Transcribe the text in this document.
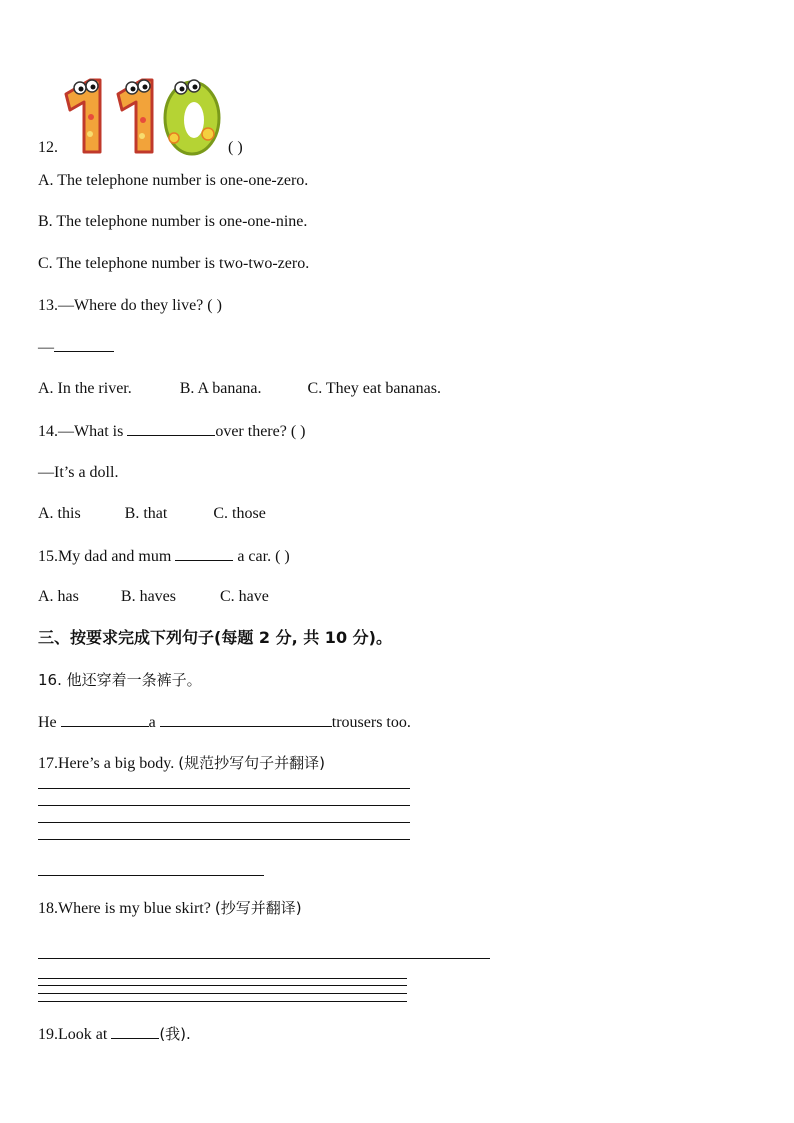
12.	( )
A. The telephone number is one-one-zero.
B. The telephone number is one-one-nine.
C. The telephone number is two-two-zero.
13.—Where do they live? ( )
—
A. In the river.	B. A banana.	C. They eat bananas.
14.—What is	over there? ( )
—It’s a doll.
A. this	B. that	C. those
15.My dad and mum	a car. ( )
A. has	B. haves	C. have
三、按要求完成下列句子(每题 2 分, 共 10 分)。
16. 他还穿着一条裤子。
He	a	trousers too.
17.Here’s a big body. (规范抄写句子并翻译)
18.Where is my blue skirt? (抄写并翻译)
19.Look at	(我).
